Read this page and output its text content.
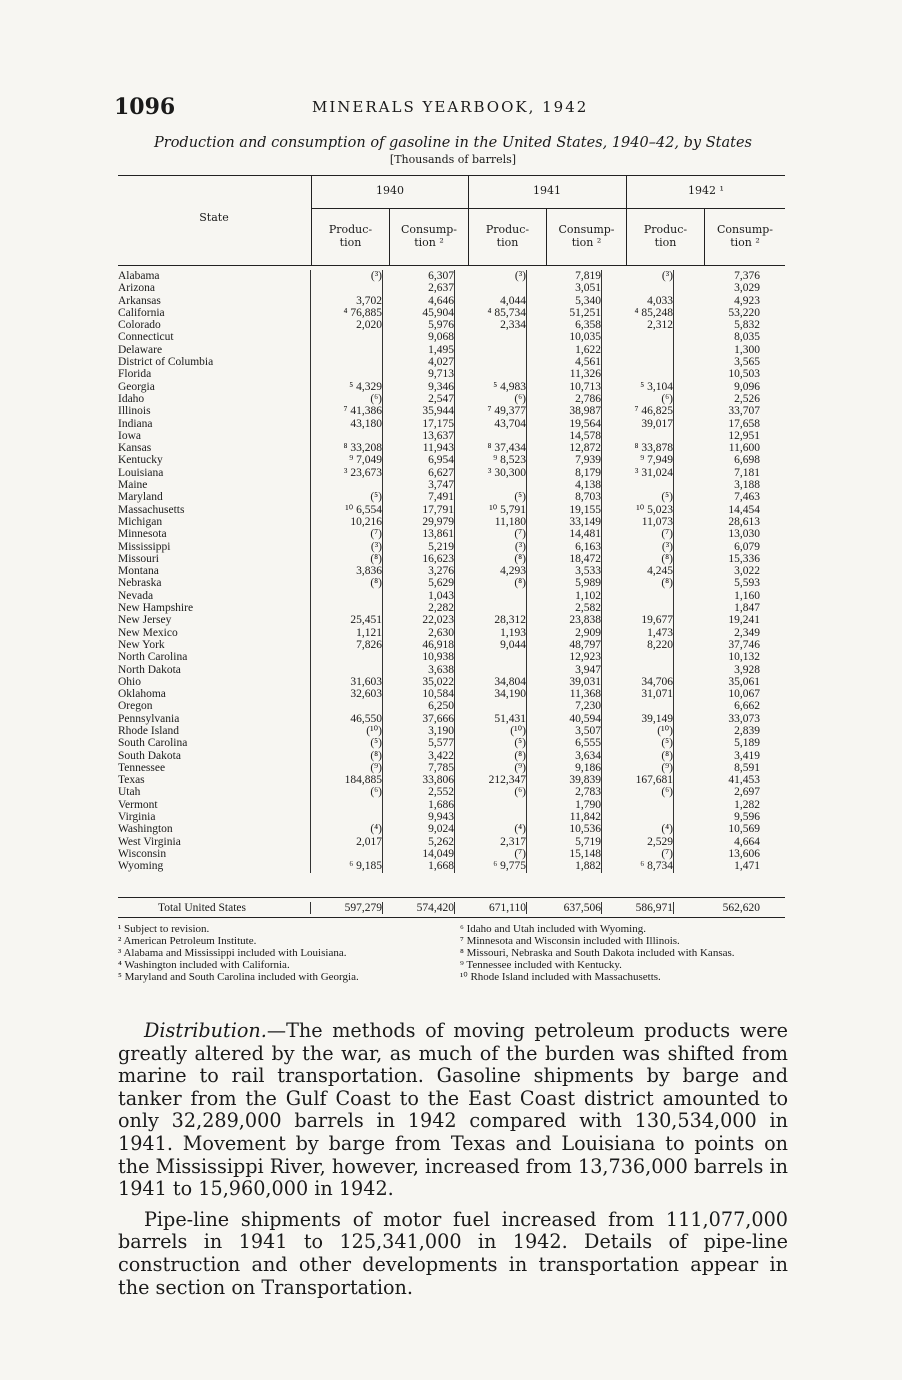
1096	MINERALS YEARBOOK, 1942
Production and consumption of gasoline in the United States, 1940–42, by States
[Thousands of barrels]
State
1940	1941	1942 ¹
Produc-
tion
Consump-
tion ²
Produc-
tion
Consump-
tion ²
Produc-
tion
Consump-
tion ²
Alabama	(³)	6,307	(³)	7,819	(³)	7,376
Arizona		2,637		3,051		3,029
Arkansas	3,702	4,646	4,044	5,340	4,033	4,923
California	⁴ 76,885	45,904	⁴ 85,734	51,251	⁴ 85,248	53,220
Colorado	2,020	5,976	2,334	6,358	2,312	5,832
Connecticut		9,068		10,035		8,035
Delaware		1,495		1,622		1,300
District of Columbia		4,027		4,561		3,565
Florida		9,713		11,326		10,503
Georgia	⁵ 4,329	9,346	⁵ 4,983	10,713	⁵ 3,104	9,096
Idaho	(⁶)	2,547	(⁶)	2,786	(⁶)	2,526
Illinois	⁷ 41,386	35,944	⁷ 49,377	38,987	⁷ 46,825	33,707
Indiana	43,180	17,175	43,704	19,564	39,017	17,658
Iowa		13,637		14,578		12,951
Kansas	⁸ 33,208	11,943	⁸ 37,434	12,872	⁸ 33,878	11,600
Kentucky	⁹ 7,049	6,954	⁹ 8,523	7,939	⁹ 7,949	6,698
Louisiana	³ 23,673	6,627	³ 30,300	8,179	³ 31,024	7,181
Maine		3,747		4,138		3,188
Maryland	(⁵)	7,491	(⁵)	8,703	(⁵)	7,463
Massachusetts	¹⁰ 6,554	17,791	¹⁰ 5,791	19,155	¹⁰ 5,023	14,454
Michigan	10,216	29,979	11,180	33,149	11,073	28,613
Minnesota	(⁷)	13,861	(⁷)	14,481	(⁷)	13,030
Mississippi	(³)	5,219	(³)	6,163	(³)	6,079
Missouri	(⁸)	16,623	(⁸)	18,472	(⁸)	15,336
Montana	3,836	3,276	4,293	3,533	4,245	3,022
Nebraska	(⁸)	5,629	(⁸)	5,989	(⁸)	5,593
Nevada		1,043		1,102		1,160
New Hampshire		2,282		2,582		1,847
New Jersey	25,451	22,023	28,312	23,838	19,677	19,241
New Mexico	1,121	2,630	1,193	2,909	1,473	2,349
New York	7,826	46,918	9,044	48,797	8,220	37,746
North Carolina		10,938		12,923		10,132
North Dakota		3,638		3,947		3,928
Ohio	31,603	35,022	34,804	39,031	34,706	35,061
Oklahoma	32,603	10,584	34,190	11,368	31,071	10,067
Oregon		6,250		7,230		6,662
Pennsylvania	46,550	37,666	51,431	40,594	39,149	33,073
Rhode Island	(¹⁰)	3,190	(¹⁰)	3,507	(¹⁰)	2,839
South Carolina	(⁵)	5,577	(⁵)	6,555	(⁵)	5,189
South Dakota	(⁸)	3,422	(⁸)	3,634	(⁸)	3,419
Tennessee	(⁹)	7,785	(⁹)	9,186	(⁹)	8,591
Texas	184,885	33,806	212,347	39,839	167,681	41,453
Utah	(⁶)	2,552	(⁶)	2,783	(⁶)	2,697
Vermont		1,686		1,790		1,282
Virginia		9,943		11,842		9,596
Washington	(⁴)	9,024	(⁴)	10,536	(⁴)	10,569
West Virginia	2,017	5,262	2,317	5,719	2,529	4,664
Wisconsin		14,049	(⁷)	15,148	(⁷)	13,606
Wyoming	⁶ 9,185	1,668	⁶ 9,775	1,882	⁶ 8,734	1,471
Total United States	597,279	574,420	671,110	637,506	586,971	562,620
¹ Subject to revision.
² American Petroleum Institute.
³ Alabama and Mississippi included with Louisiana.
⁴ Washington included with California.
⁵ Maryland and South Carolina included with Georgia.
⁶ Idaho and Utah included with Wyoming.
⁷ Minnesota and Wisconsin included with Illinois.
⁸ Missouri, Nebraska and South Dakota included with Kansas.
⁹ Tennessee included with Kentucky.
¹⁰ Rhode Island included with Massachusetts.

Distribution.—The methods of moving petroleum products were greatly altered by the war, as much of the burden was shifted from marine to rail transportation. Gasoline shipments by barge and tanker from the Gulf Coast to the East Coast district amounted to only 32,289,000 barrels in 1942 compared with 130,534,000 in 1941. Movement by barge from Texas and Louisiana to points on the Mississippi River, however, increased from 13,736,000 barrels in 1941 to 15,960,000 in 1942.

Pipe-line shipments of motor fuel increased from 111,077,000 barrels in 1941 to 125,341,000 in 1942. Details of pipe-line construction and other developments in transportation appear in the section on Transportation.
